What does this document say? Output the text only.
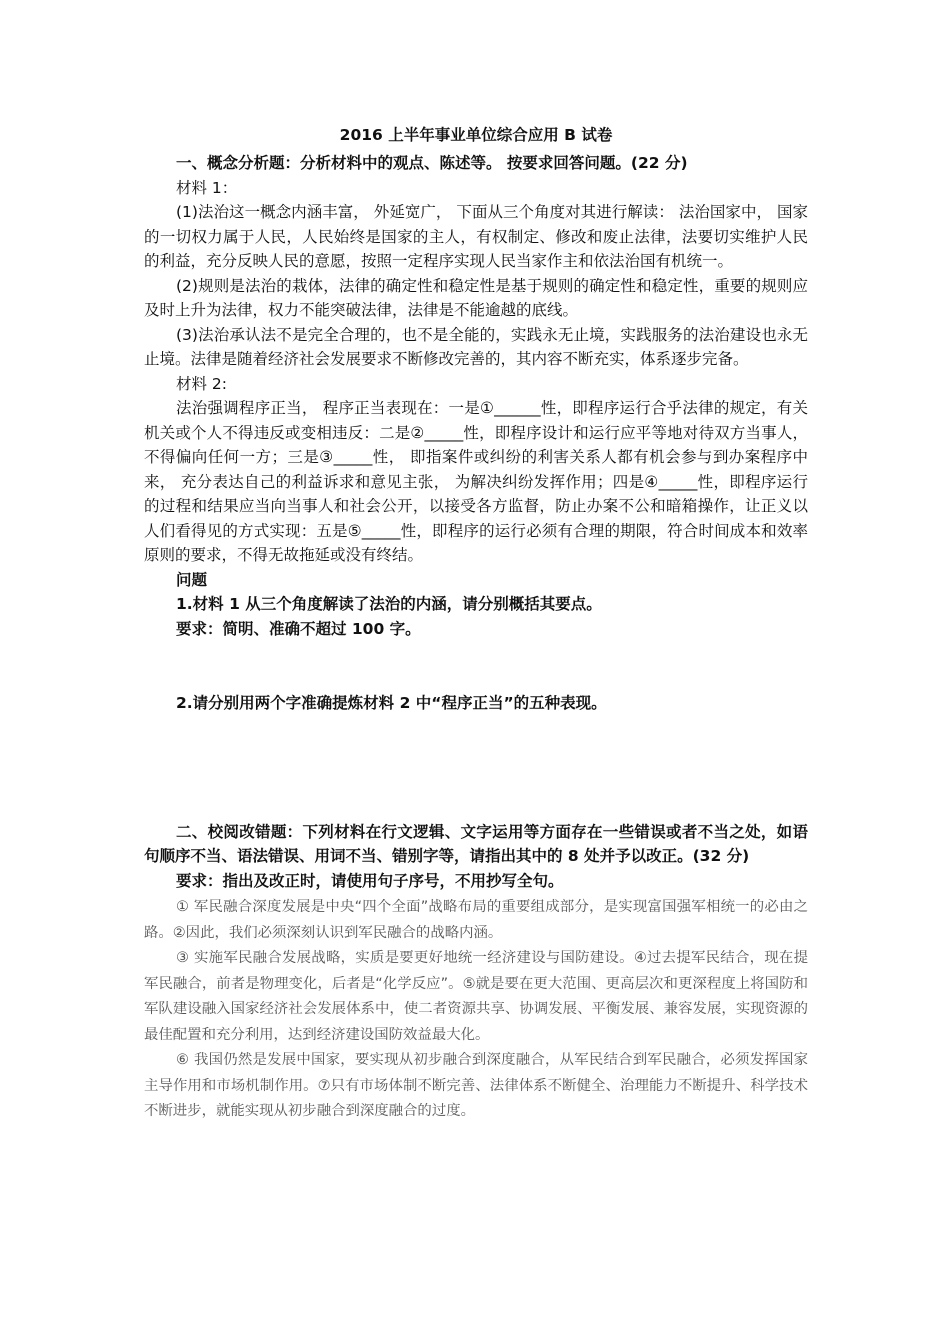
2016 上半年事业单位综合应用 B 试卷

一、概念分析题：分析材料中的观点、陈述等。 按要求回答问题。(22 分)

材料 1：

(1)法治这一概念内涵丰富， 外延宽广， 下面从三个角度对其进行解读： 法治国家中， 国家的一切权力属于人民，人民始终是国家的主人，有权制定、修改和废止法律，法要切实维护人民的利益，充分反映人民的意愿，按照一定程序实现人民当家作主和依法治国有机统一。

(2)规则是法治的栽体，法律的确定性和稳定性是基于规则的确定性和稳定性，重要的规则应及时上升为法律，权力不能突破法律，法律是不能逾越的底线。

(3)法治承认法不是完全合理的，也不是全能的，实践永无止境，实践服务的法治建设也永无止境。法律是随着经济社会发展要求不断修改完善的，其内容不断充实，体系逐步完备。

材料 2:

法治强调程序正当， 程序正当表现在：一是①______性，即程序运行合乎法律的规定，有关机关或个人不得违反或变相违反：二是②_____性，即程序设计和运行应平等地对待双方当事人，不得偏向任何一方；三是③_____性， 即指案件或纠纷的利害关系人都有机会参与到办案程序中来， 充分表达自己的利益诉求和意见主张， 为解决纠纷发挥作用；四是④_____性，即程序运行的过程和结果应当向当事人和社会公开，以接受各方监督，防止办案不公和暗箱操作，让正义以人们看得见的方式实现：五是⑤_____性，即程序的运行必须有合理的期限，符合时间成本和效率原则的要求，不得无故拖延或没有终结。

问题

1.材料 1 从三个角度解读了法治的内涵，请分别概括其要点。

要求：简明、准确不超过 100 字。

2.请分别用两个字准确提炼材料 2 中“程序正当”的五种表现。

二、校阅改错题：下列材料在行文逻辑、文字运用等方面存在一些错误或者不当之处，如语句顺序不当、语法错误、用词不当、错别字等，请指出其中的 8 处并予以改正。(32 分)

要求：指出及改正时，请使用句子序号，不用抄写全句。

① 军民融合深度发展是中央“四个全面”战略布局的重要组成部分，是实现富国强军相统一的必由之路。②因此，我们必须深刻认识到军民融合的战略内涵。

③ 实施军民融合发展战略，实质是要更好地统一经济建设与国防建设。④过去提军民结合，现在提军民融合，前者是物理变化，后者是“化学反应”。⑤就是要在更大范围、更高层次和更深程度上将国防和军队建设融入国家经济社会发展体系中，使二者资源共享、协调发展、平衡发展、兼容发展，实现资源的最佳配置和充分利用，达到经济建设国防效益最大化。

⑥ 我国仍然是发展中国家，要实现从初步融合到深度融合，从军民结合到军民融合，必须发挥国家主导作用和市场机制作用。⑦只有市场体制不断完善、法律体系不断健全、治理能力不断提升、科学技术不断进步，就能实现从初步融合到深度融合的过度。
